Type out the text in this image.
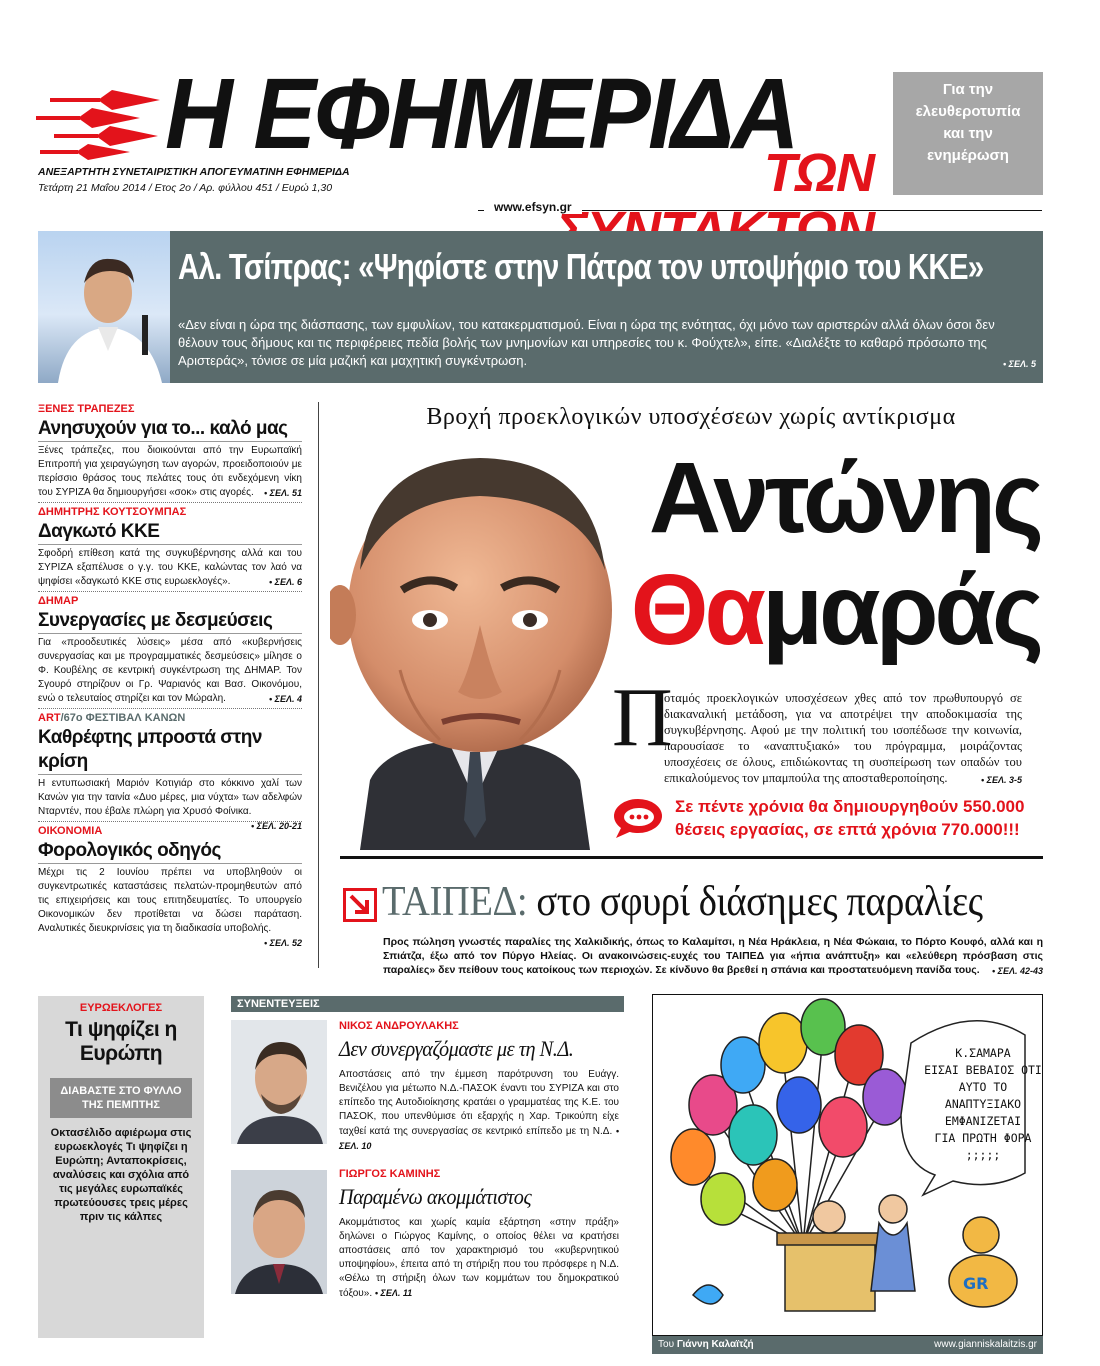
Η ΕΦΗΜΕΡΙΔΑ
ΤΩΝ
ΑΝΕΞΑΡΤΗΤΗ ΣΥΝΕΤΑΙΡΙΣΤΙΚΗ ΑΠΟΓΕΥΜΑΤΙΝΗ ΕΦΗΜΕΡΙΔΑ
Τετάρτη 21 Μαΐου 2014 / Ετος 2ο / Αρ. φύλλου 451 / Ευρώ 1,30
www.efsyn.gr
Για την
ελευθεροτυπία
και την
ενημέρωση
Αλ. Τσίπρας: «Ψηφίστε στην Πάτρα τον υποψήφιο του ΚΚΕ»
«Δεν είναι η ώρα της διάσπασης, των εμφυλίων, του κατακερματισμού. Είναι η ώρα της ενότητας, όχι μόνο των αριστερών αλλά όλων όσοι δεν θέλουν τους δήμους και τις περιφέρειες πεδία βολής των μνημονίων και υπηρεσίες του κ. Φούχτελ», είπε. «Διαλέξτε το καθαρό πρόσωπο της Αριστεράς», τόνισε σε μία μαζική και μαχητική συγκέντρωση.	• ΣΕΛ. 5
ΞΕΝΕΣ ΤΡΑΠΕΖΕΣ
Ανησυχούν για το... καλό μας
Ξένες τράπεζες, που διοικούνται από την Ευρωπαϊκή Επιτροπή για χειραγώγηση των αγορών, προειδοποιούν με περίσσιο θράσος τους πελάτες τους ότι ενδεχόμενη νίκη του ΣΥΡΙΖΑ θα δημιουργήσει «σοκ» στις αγορές. • ΣΕΛ. 51
ΔΗΜΗΤΡΗΣ ΚΟΥΤΣΟΥΜΠΑΣ
Δαγκωτό ΚΚΕ
Σφοδρή επίθεση κατά της συγκυβέρνησης αλλά και του ΣΥΡΙΖΑ εξαπέλυσε ο γ.γ. του ΚΚΕ, καλώντας τον λαό να ψηφίσει «δαγκωτό ΚΚΕ στις ευρωεκλογές».	• ΣΕΛ. 6
ΔΗΜΑΡ
Συνεργασίες με δεσμεύσεις
Για «προοδευτικές λύσεις» μέσα από «κυβερνήσεις συνεργασίας και με προγραμματικές δεσμεύσεις» μίλησε ο Φ. Κουβέλης σε κεντρική συγκέντρωση της ΔΗΜΑΡ. Τον Σγουρό στηρίζουν οι Γρ. Ψαριανός και Βασ. Οικονόμου, ενώ ο τελευταίος στηρίζει και τον Μώραλη.	• ΣΕΛ. 4
ART/67ο ΦΕΣΤΙΒΑΛ ΚΑΝΩΝ
Καθρέφτης μπροστά στην κρίση
Η εντυπωσιακή Μαριόν Κοτιγιάρ στο κόκκινο χαλί των Κανών για την ταινία «Δυο μέρες, μια νύχτα» των αδελφών Νταρντέν, που έβαλε πλώρη για Χρυσό Φοίνικα.
• ΣΕΛ. 20-21
ΟΙΚΟΝΟΜΙΑ
Φορολογικός οδηγός
Μέχρι τις 2 Ιουνίου πρέπει να υποβληθούν οι συγκεντρωτικές καταστάσεις πελατών-προμηθευτών από τις επιχειρήσεις και τους επιτηδευματίες. Το υπουργείο Οικονομικών δεν προτίθεται να δώσει παράταση. Αναλυτικές διευκρινίσεις για τη διαδικασία υποβολής.
• ΣΕΛ. 52
Βροχή προεκλογικών υποσχέσεων χωρίς αντίκρισμα
Αντώνης
Θαμαράς
Π
οταμός προεκλογικών υποσχέσεων χθες από τον πρωθυπουργό σε διακαναλική μετάδοση, για να αποτρέψει την αποδοκιμασία της συγκυβέρνησης. Αφού με την πολιτική του ισοπέδωσε την κοινωνία, παρουσίασε το «αναπτυξιακό» του πρόγραμμα, μοιράζοντας υποσχέσεις σε όλους, επιδιώκοντας τη συσπείρωση των οπαδών του επικαλούμενος τον μπαμπούλα της αποσταθεροποίησης.	• ΣΕΛ. 3-5
Σε πέντε χρόνια θα δημιουργηθούν 550.000 θέσεις εργασίας, σε επτά χρόνια 770.000!!!
ΤΑΙΠΕΔ: στο σφυρί διάσημες παραλίες
Προς πώληση γνωστές παραλίες της Χαλκιδικής, όπως το Καλαμίτσι, η Νέα Ηράκλεια, η Νέα Φώκαια, το Πόρτο Κουφό, αλλά και η Σπιάτζα, έξω από τον Πύργο Ηλείας. Οι ανακοινώσεις-ευχές του ΤΑΙΠΕΔ για «ήπια ανάπτυξη» και «ελεύθερη πρόσβαση στις παραλίες» δεν πείθουν τους κατοίκους των περιοχών. Σε κίνδυνο θα βρεθεί η σπάνια και προστατευόμενη πανίδα τους. • ΣΕΛ. 42-43
ΕΥΡΩΕΚΛΟΓΕΣ
Τι ψηφίζει η Ευρώπη
ΔΙΑΒΑΣΤΕ ΣΤΟ ΦΥΛΛΟ ΤΗΣ ΠΕΜΠΤΗΣ
Οκτασέλιδο αφιέρωμα στις ευρωεκλογές Τι ψηφίζει η Ευρώπη; Ανταποκρίσεις, αναλύσεις και σχόλια από τις μεγάλες ευρωπαϊκές πρωτεύουσες τρεις μέρες πριν τις κάλπες
ΣΥΝΕΝΤΕΥΞΕΙΣ
ΝΙΚΟΣ ΑΝΔΡΟΥΛΑΚΗΣ
Δεν συνεργαζόμαστε με τη Ν.Δ.
Αποστάσεις από την έμμεση παρότρυνση του Ευάγγ. Βενιζέλου για μέτωπο Ν.Δ.-ΠΑΣΟΚ έναντι του ΣΥΡΙΖΑ και στο επίπεδο της Αυτοδιοίκησης κρατάει ο γραμματέας της Κ.Ε. του ΠΑΣΟΚ, που υπενθύμισε ότι εξαρχής η Χαρ. Τρικούπη είχε ταχθεί κατά της συνεργασίας σε κεντρικό επίπεδο με τη Ν.Δ. • ΣΕΛ. 10
ΓΙΩΡΓΟΣ ΚΑΜΙΝΗΣ
Παραμένω ακομμάτιστος
Ακομμάτιστος και χωρίς καμία εξάρτηση «στην πράξη» δηλώνει ο Γιώργος Καμίνης, ο οποίος θέλει να κρατήσει αποστάσεις από τον χαρακτηρισμό του «κυβερνητικού υποψηφίου», έπειτα από τη στήριξη που του πρόσφερε η Ν.Δ. «Θέλω τη στήριξη όλων των κομμάτων του δημοκρατικού τόξου». • ΣΕΛ. 11	GR
Κ.ΣΑΜΑΡΑ
ΕΙΣΑΙ ΒΕΒΑΙΟΣ ΟΤΙ
ΑΥΤΟ ΤΟ ΑΝΑΠΤΥΞΙΑΚΟ
ΕΜΦΑΝΙΖΕΤΑΙ
ΓΙΑ ΠΡΩΤΗ ΦΟΡΑ
;;;;;
Του Γιάννη Καλαϊτζή	www.gianniskalaitzis.gr
